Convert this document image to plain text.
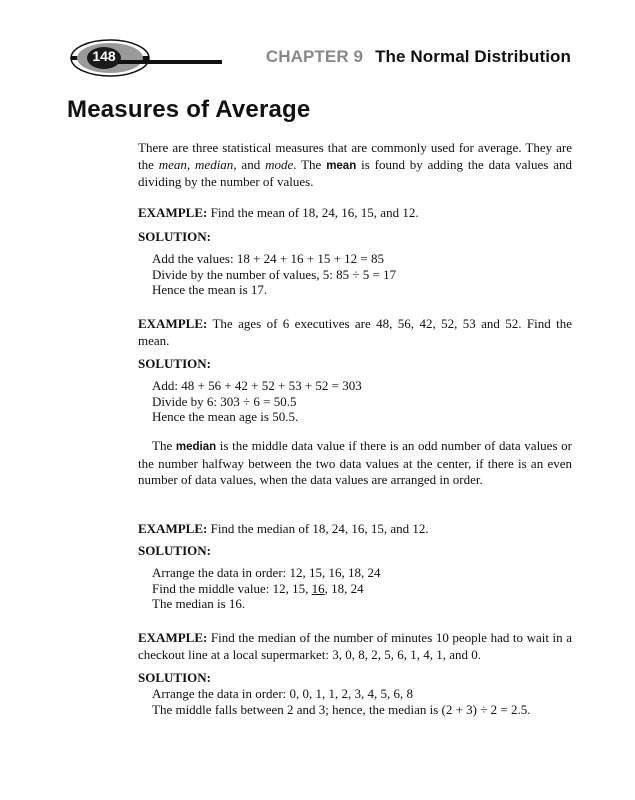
148	CHAPTER 9 The Normal Distribution
Measures of Average
There are three statistical measures that are commonly used for average. They are the mean, median, and mode. The mean is found by adding the data values and dividing by the number of values.
EXAMPLE: Find the mean of 18, 24, 16, 15, and 12.
SOLUTION:
Add the values: 18 + 24 + 16 + 15 + 12 = 85
Divide by the number of values, 5: 85 ÷ 5 = 17
Hence the mean is 17.
EXAMPLE: The ages of 6 executives are 48, 56, 42, 52, 53 and 52. Find the mean.
SOLUTION:
Add: 48 + 56 + 42 + 52 + 53 + 52 = 303
Divide by 6: 303 ÷ 6 = 50.5
Hence the mean age is 50.5.
The median is the middle data value if there is an odd number of data values or the number halfway between the two data values at the center, if there is an even number of data values, when the data values are arranged in order.
EXAMPLE: Find the median of 18, 24, 16, 15, and 12.
SOLUTION:
Arrange the data in order: 12, 15, 16, 18, 24
Find the middle value: 12, 15, 16, 18, 24
The median is 16.
EXAMPLE: Find the median of the number of minutes 10 people had to wait in a checkout line at a local supermarket: 3, 0, 8, 2, 5, 6, 1, 4, 1, and 0.
SOLUTION:
Arrange the data in order: 0, 0, 1, 1, 2, 3, 4, 5, 6, 8
The middle falls between 2 and 3; hence, the median is (2 + 3) ÷ 2 = 2.5.
